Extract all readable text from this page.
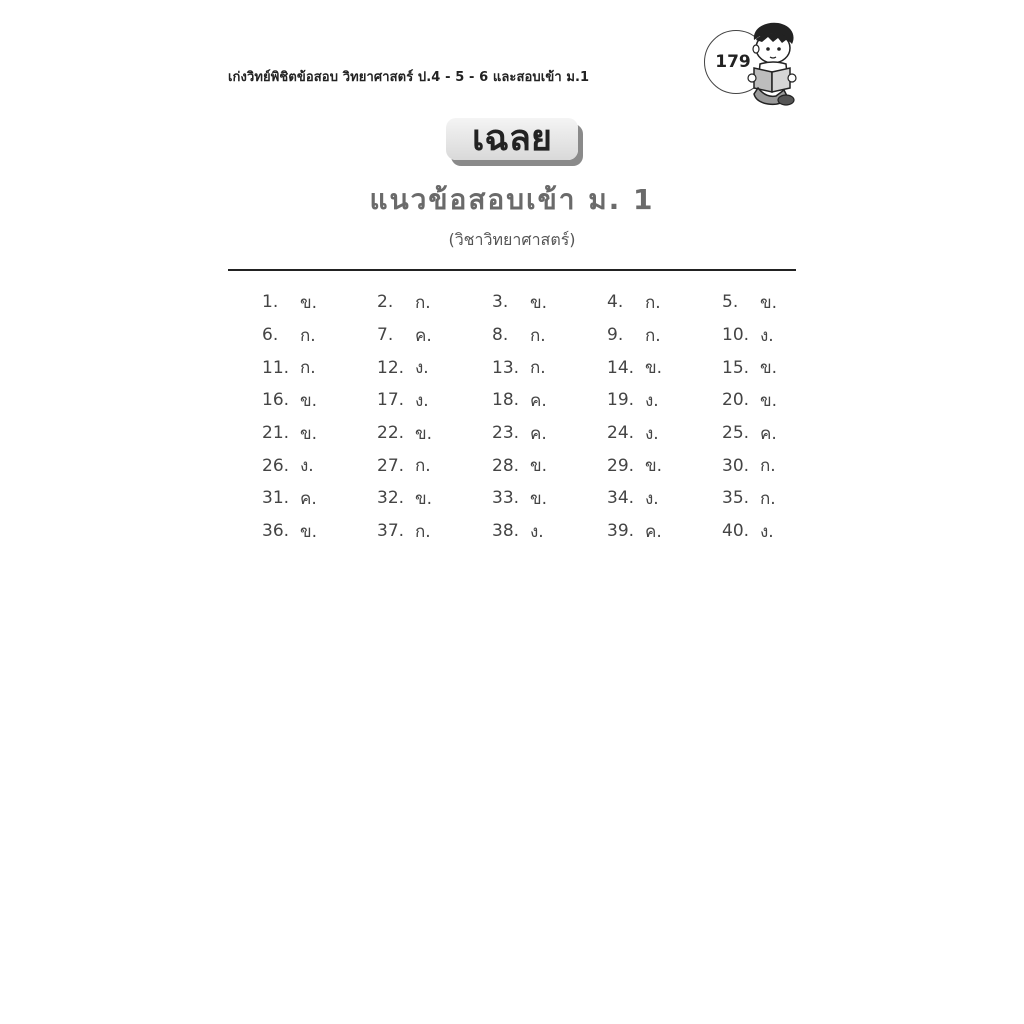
เก่งวิทย์พิชิตข้อสอบ วิทยาศาสตร์ ป.4 - 5 - 6 และสอบเข้า ม.1
179
เฉลย
แนวข้อสอบเข้า ม. 1
(วิชาวิทยาศาสตร์)
1.	ข.	2.	ก.	3.	ข.	4.	ก.	5.	ข.
6.	ก.	7.	ค.	8.	ก.	9.	ก.	10. ง.
11. ก.	12. ง.	13. ก.	14. ข.	15. ข.
16. ข.	17. ง.	18. ค.	19. ง.	20. ข.
21. ข.	22. ข.	23. ค.	24. ง.	25. ค.
26. ง.	27. ก.	28. ข.	29. ข.	30. ก.
31. ค.	32. ข.	33. ข.	34. ง.	35. ก.
36. ข.	37. ก.	38. ง.	39. ค.	40. ง.
